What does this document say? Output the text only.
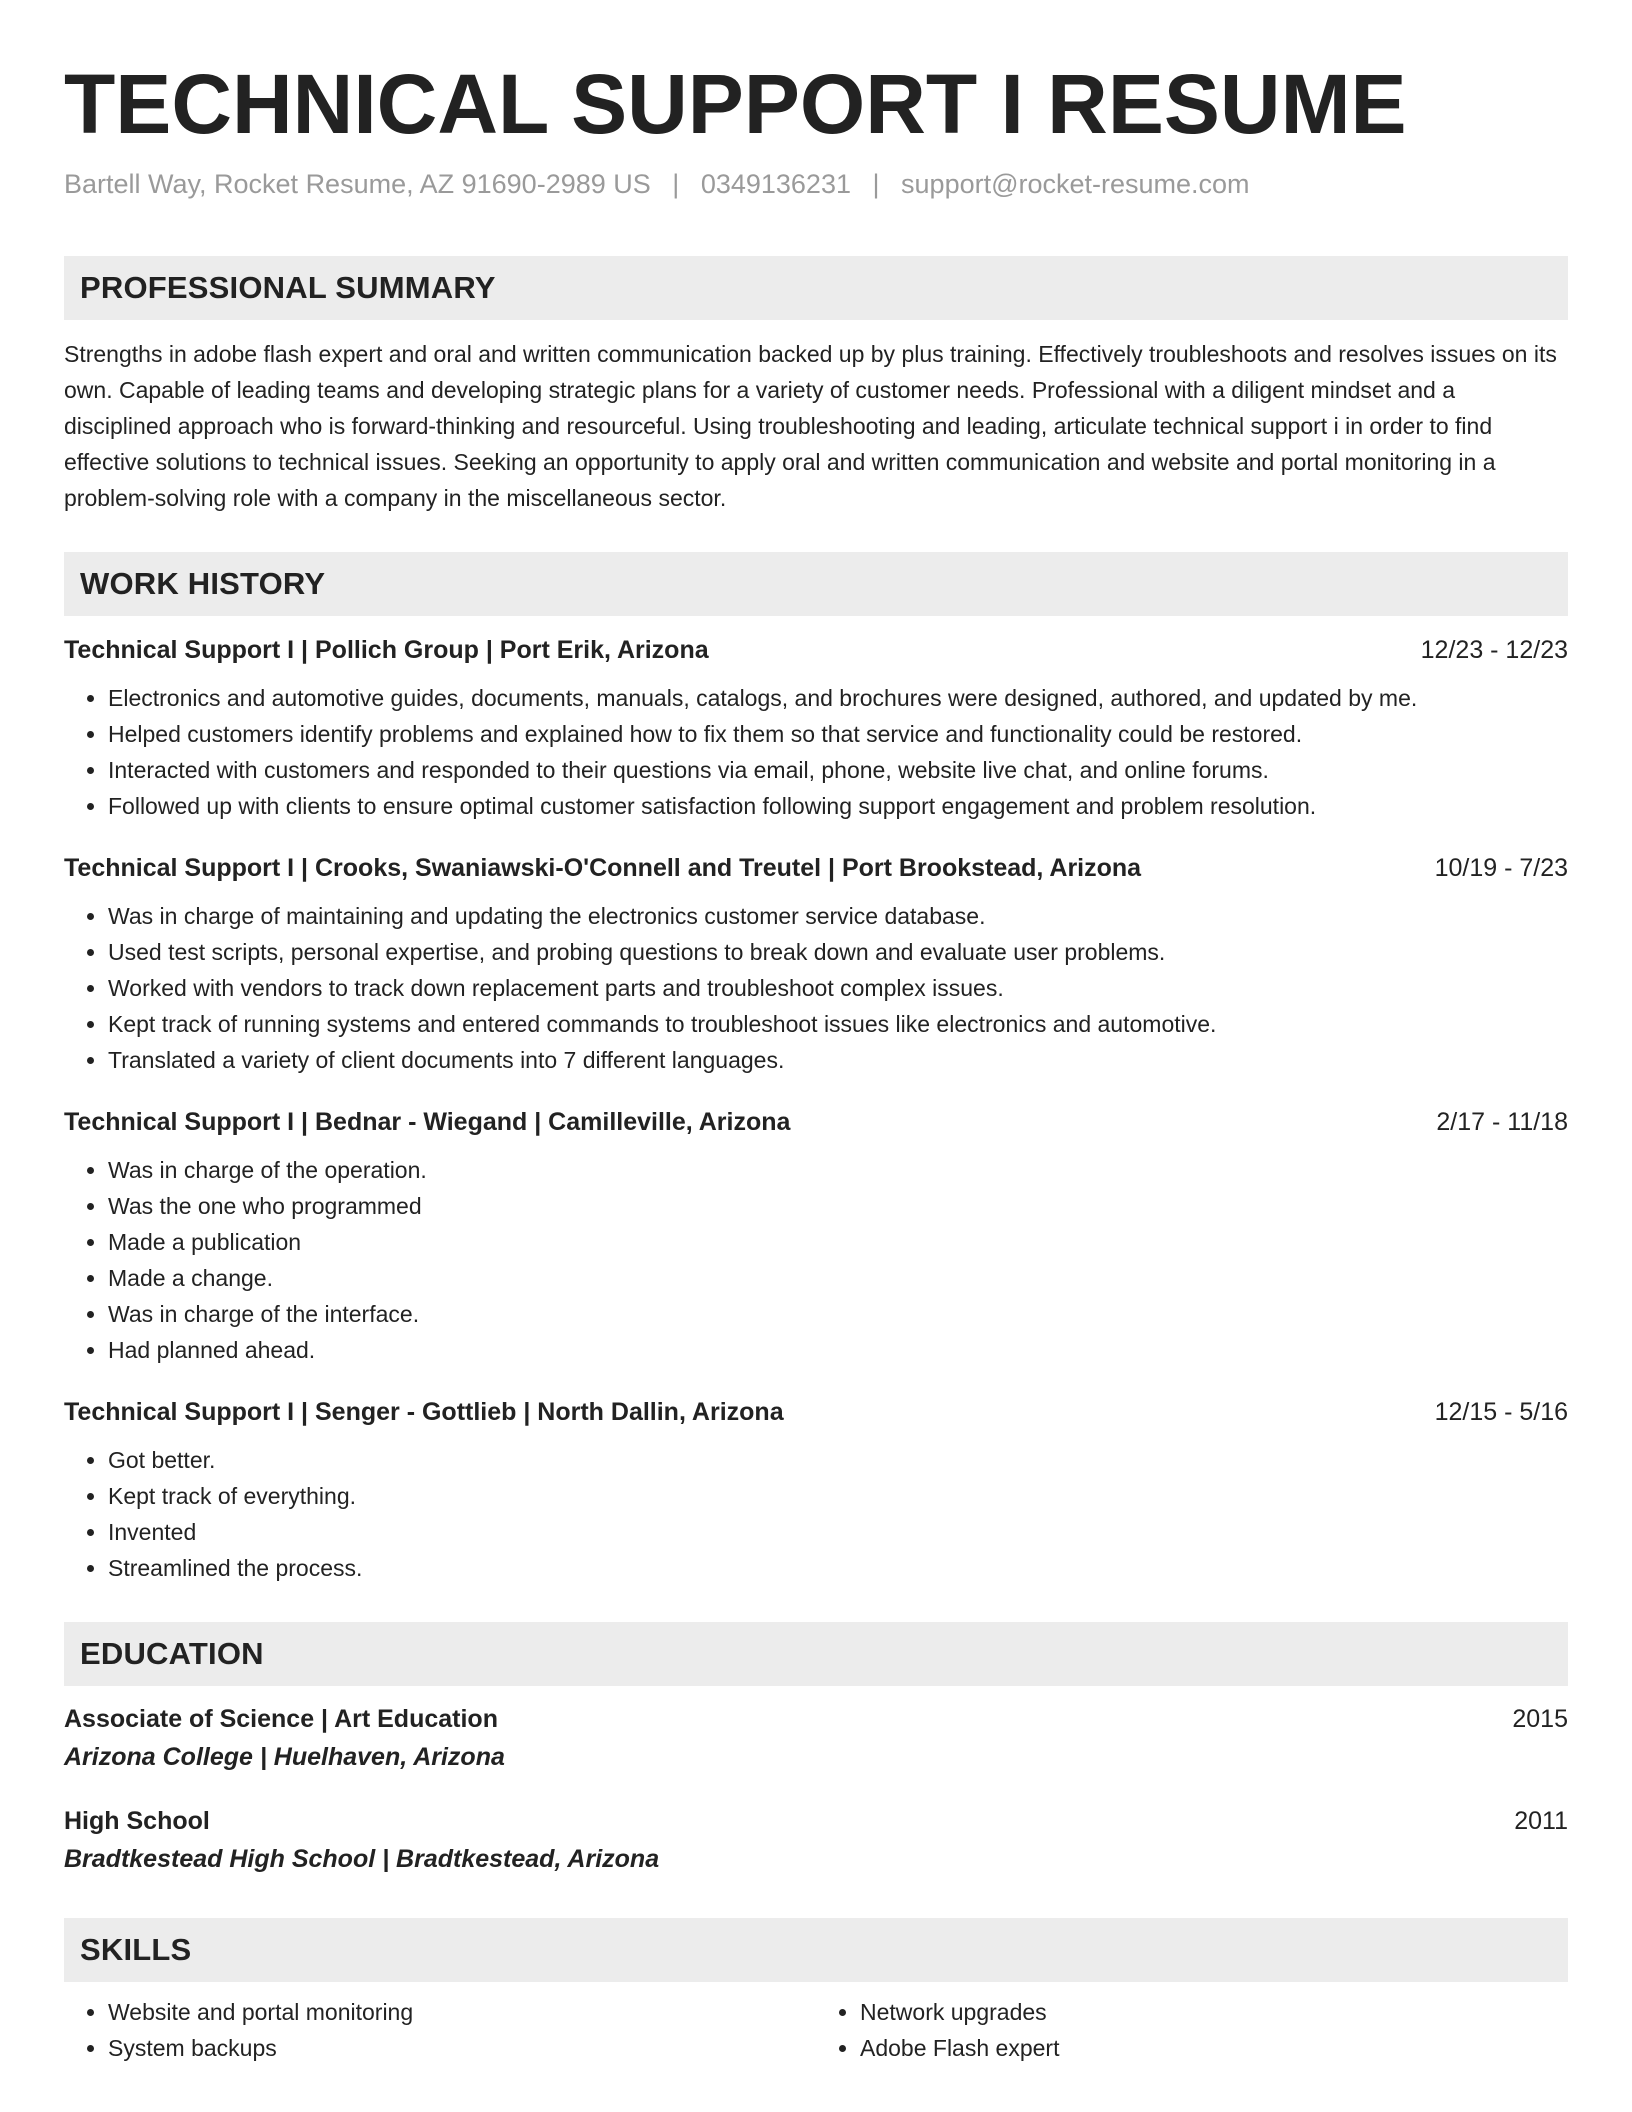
TECHNICAL SUPPORT I RESUME
Bartell Way, Rocket Resume, AZ 91690-2989 US | 0349136231 | support@rocket-resume.com
PROFESSIONAL SUMMARY
Strengths in adobe flash expert and oral and written communication backed up by plus training. Effectively troubleshoots and resolves issues on its own. Capable of leading teams and developing strategic plans for a variety of customer needs. Professional with a diligent mindset and a disciplined approach who is forward-thinking and resourceful. Using troubleshooting and leading, articulate technical support i in order to find effective solutions to technical issues. Seeking an opportunity to apply oral and written communication and website and portal monitoring in a problem-solving role with a company in the miscellaneous sector.
WORK HISTORY
Technical Support I | Pollich Group | Port Erik, Arizona	12/23 - 12/23
• Electronics and automotive guides, documents, manuals, catalogs, and brochures were designed, authored, and updated by me.
• Helped customers identify problems and explained how to fix them so that service and functionality could be restored.
• Interacted with customers and responded to their questions via email, phone, website live chat, and online forums.
• Followed up with clients to ensure optimal customer satisfaction following support engagement and problem resolution.
Technical Support I | Crooks, Swaniawski-O'Connell and Treutel | Port Brookstead, Arizona	10/19 - 7/23
• Was in charge of maintaining and updating the electronics customer service database.
• Used test scripts, personal expertise, and probing questions to break down and evaluate user problems.
• Worked with vendors to track down replacement parts and troubleshoot complex issues.
• Kept track of running systems and entered commands to troubleshoot issues like electronics and automotive.
• Translated a variety of client documents into 7 different languages.
Technical Support I | Bednar - Wiegand | Camilleville, Arizona	2/17 - 11/18
• Was in charge of the operation.
• Was the one who programmed
• Made a publication
• Made a change.
• Was in charge of the interface.
• Had planned ahead.
Technical Support I | Senger - Gottlieb | North Dallin, Arizona	12/15 - 5/16
• Got better.
• Kept track of everything.
• Invented
• Streamlined the process.
EDUCATION
Associate of Science | Art Education	2015
Arizona College | Huelhaven, Arizona
High School	2011
Bradtkestead High School | Bradtkestead, Arizona
SKILLS
• Website and portal monitoring
• System backups
• Network upgrades
• Adobe Flash expert
